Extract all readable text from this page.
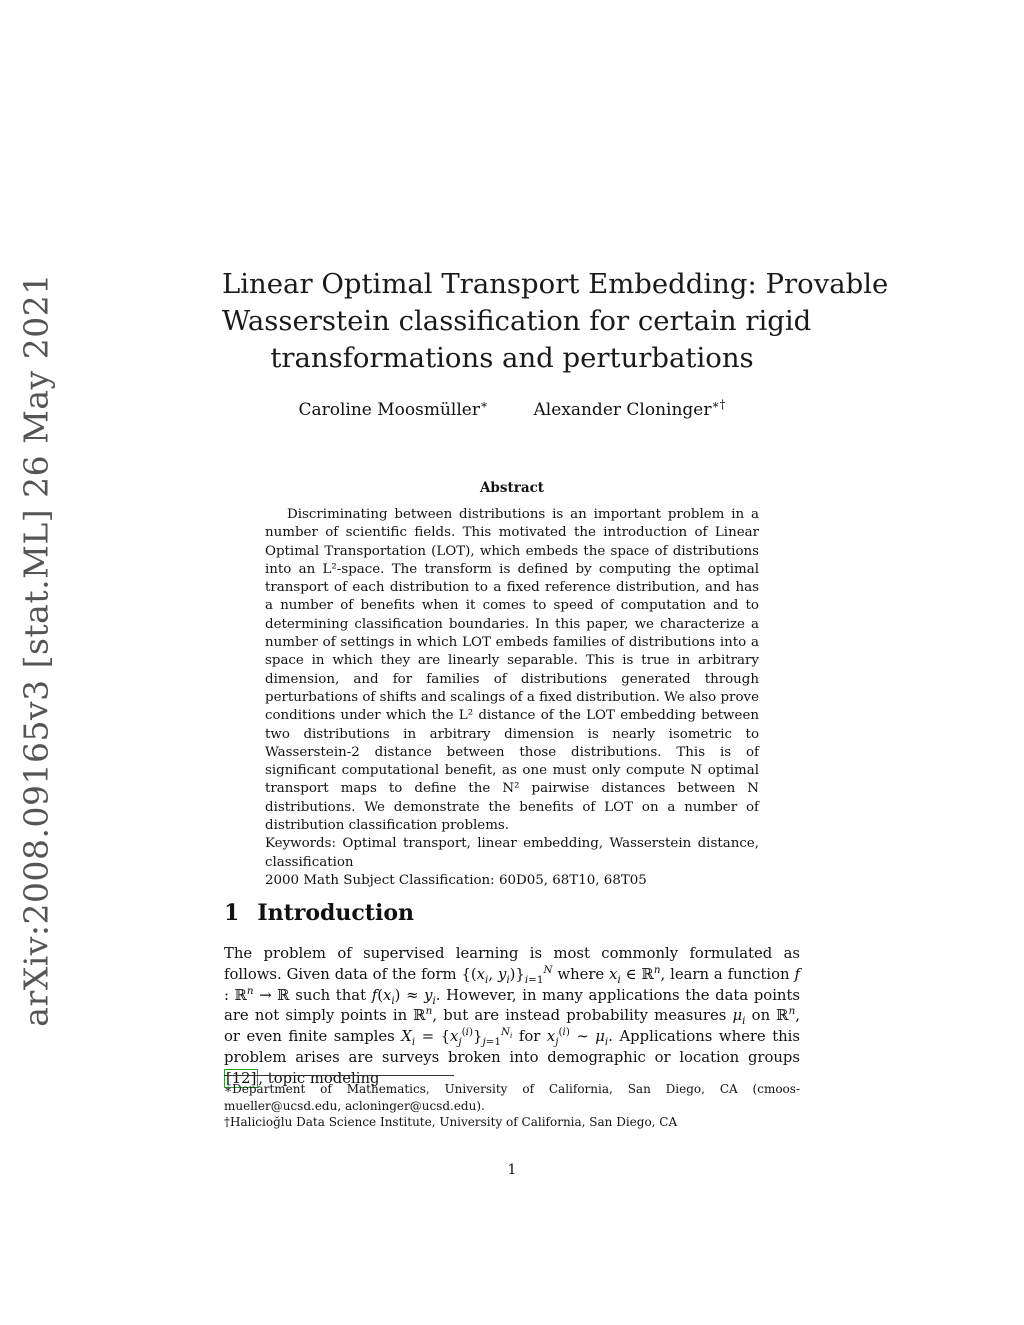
arXiv:2008.09165v3 [stat.ML] 26 May 2021	Linear Optimal Transport Embedding: Provable
Wasserstein classification for certain rigid
transformations and perturbations
Caroline Moosmüller∗	Alexander Cloninger∗†
Abstract

Discriminating between distributions is an important problem in a number of scientific fields. This motivated the introduction of Linear Optimal Transportation (LOT), which embeds the space of distributions into an L²-space. The transform is defined by computing the optimal transport of each distribution to a fixed reference distribution, and has a number of benefits when it comes to speed of computation and to determining classification boundaries. In this paper, we characterize a number of settings in which LOT embeds families of distributions into a space in which they are linearly separable. This is true in arbitrary dimension, and for families of distributions generated through perturbations of shifts and scalings of a fixed distribution. We also prove conditions under which the L² distance of the LOT embedding between two distributions in arbitrary dimension is nearly isometric to Wasserstein-2 distance between those distributions. This is of significant computational benefit, as one must only compute N optimal transport maps to define the N² pairwise distances between N distributions. We demonstrate the benefits of LOT on a number of distribution classification problems.

Keywords: Optimal transport, linear embedding, Wasserstein distance, classification

2000 Math Subject Classification: 60D05, 68T10, 68T05

1 Introduction

The problem of supervised learning is most commonly formulated as follows. Given data of the form {($x_i$, $y_i)\}_{i=1}^N$ where $x_i$ ∈ ℝ$^n$, learn a function f : ℝ$^n$ → ℝ such that $f(x_i) \approx y_i$. However, in many applications the data points are not simply points in ℝ$^n$, but are instead probability measures $\mu_i$ on ℝ$^n$, or even finite samples $X_i = \{x_j^{(i)}\}_{j=1}^{N_i}$ for $x_j^{(i)}$ ∼ $\mu_i$. Applications where this problem arises are surveys broken into demographic or location groups [12] , topic modeling

∗Department of Mathematics, University of California, San Diego, CA (cmoos-mueller@ucsd.edu, acloninger@ucsd.edu).

†Halicioğlu Data Science Institute, University of California, San Diego, CA

1
